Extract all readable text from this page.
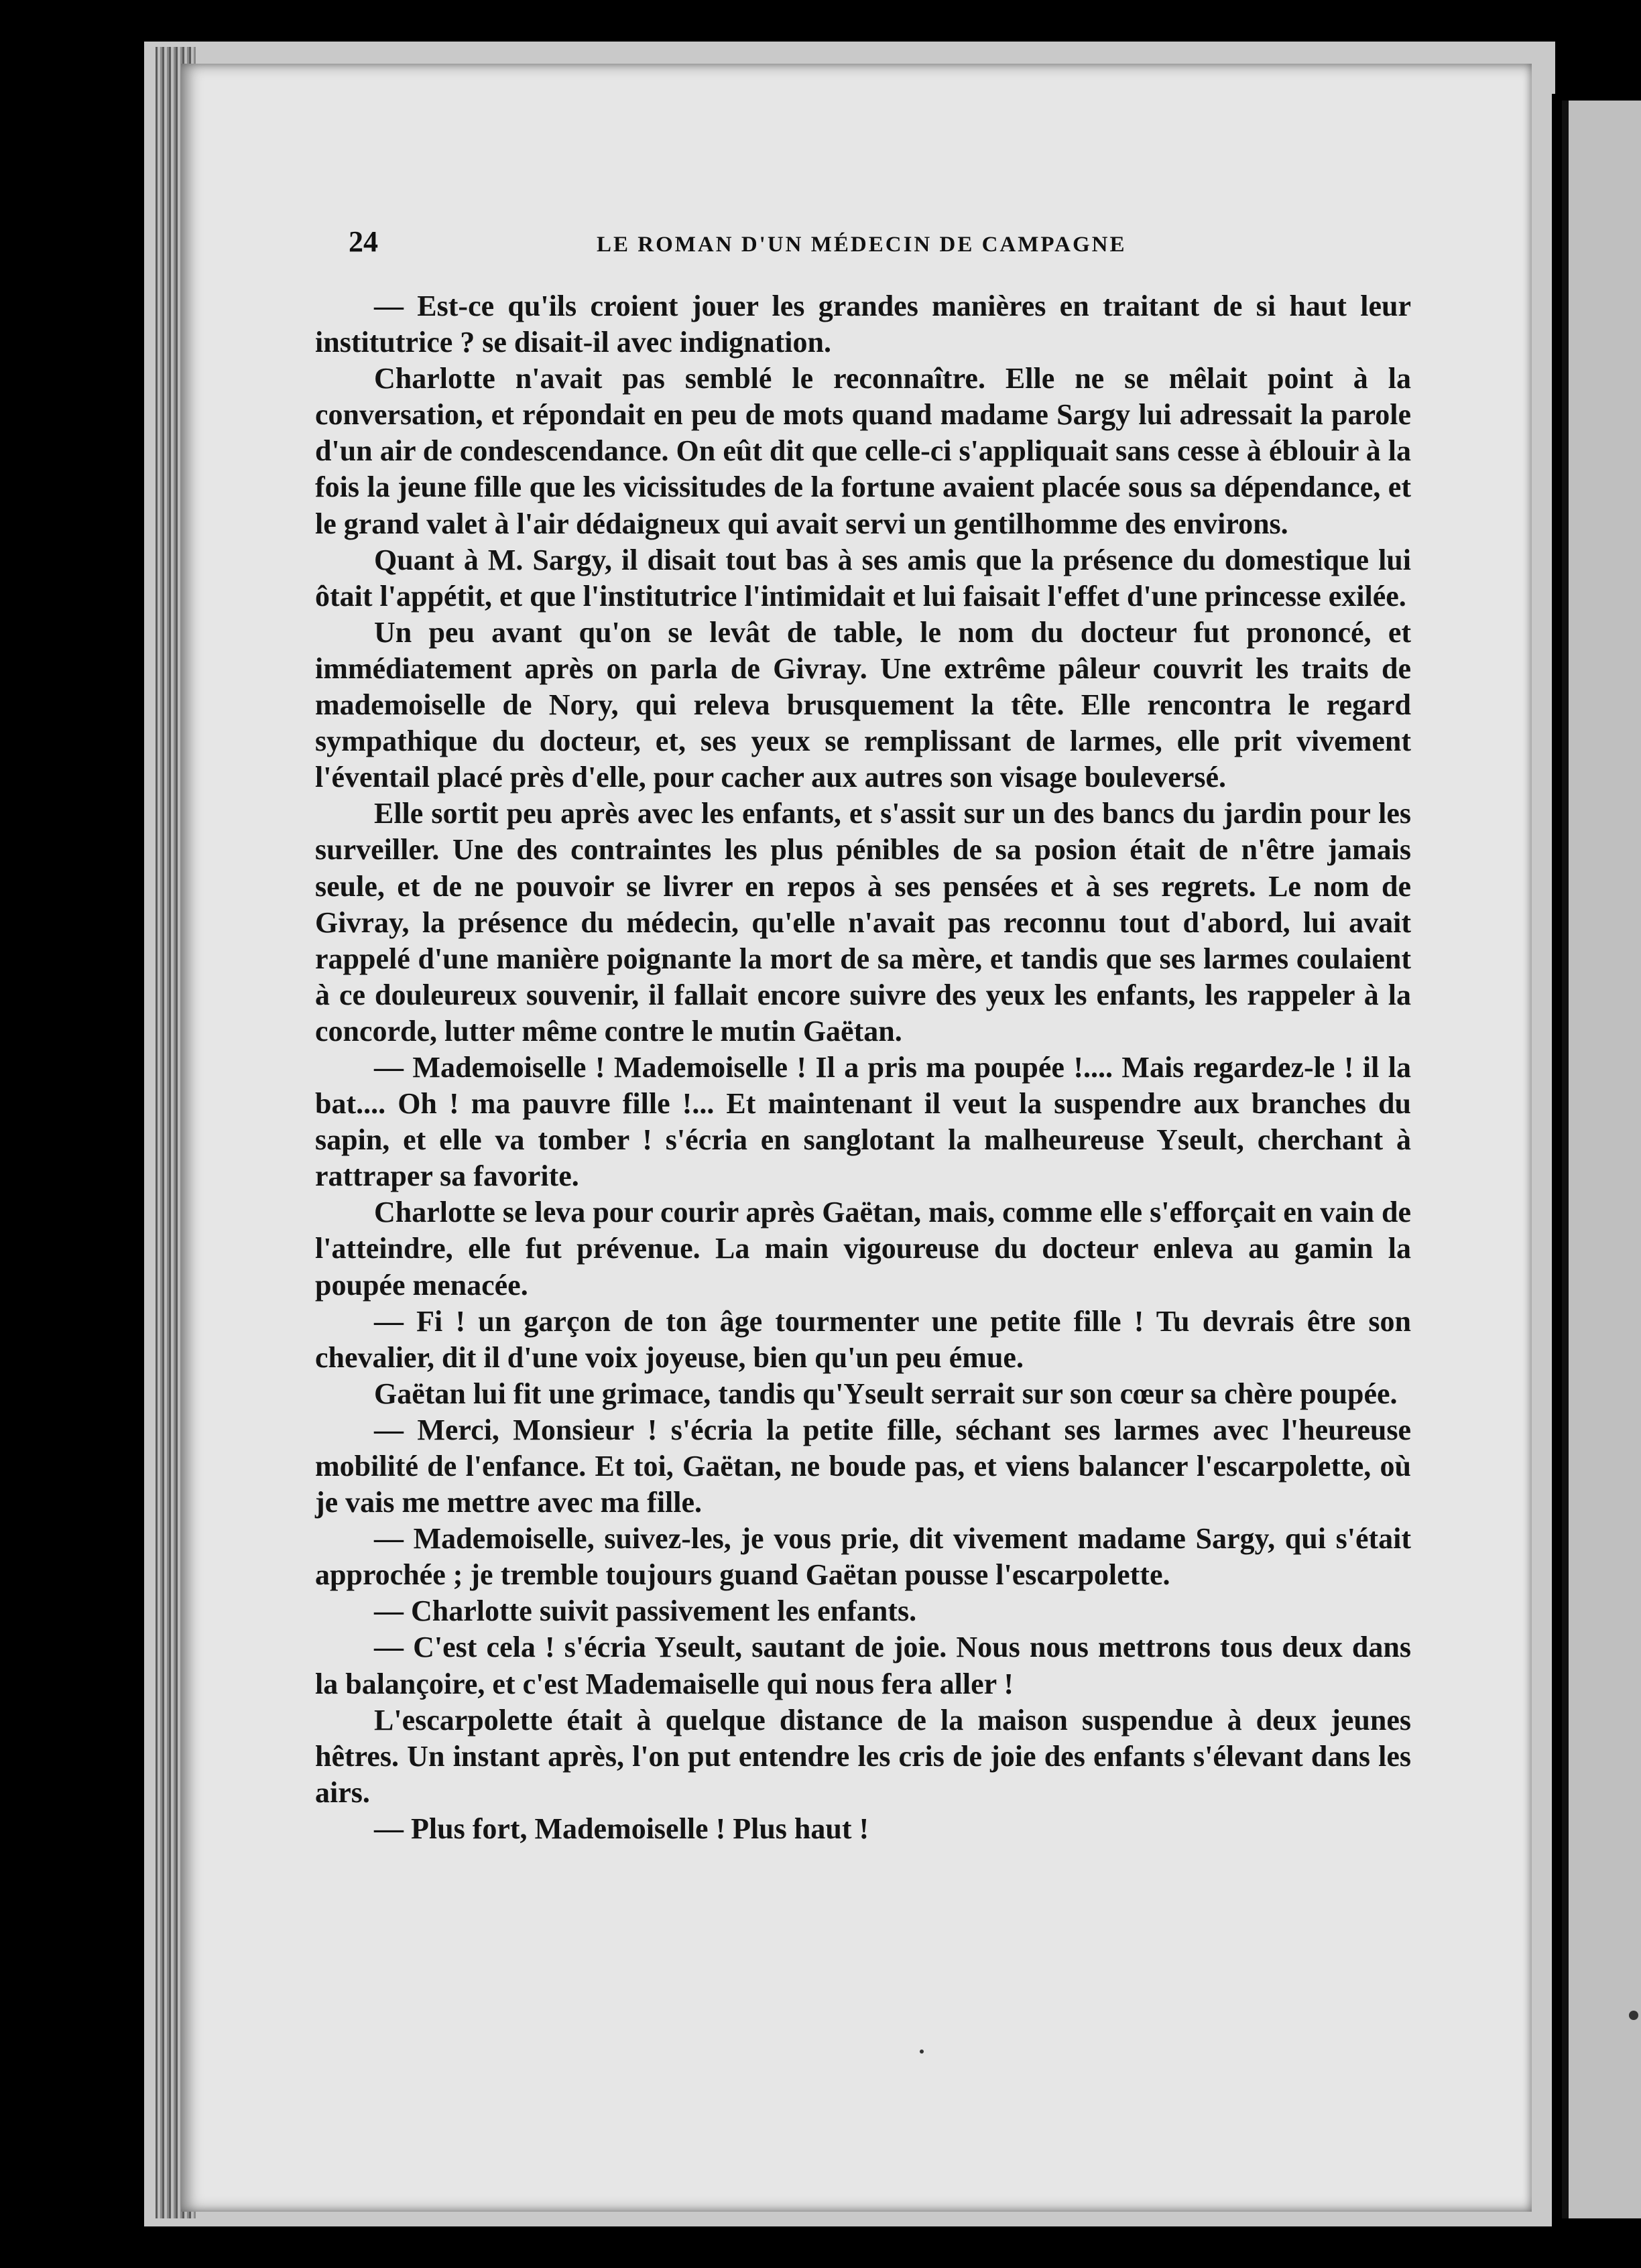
24	LE ROMAN D'UN MÉDECIN DE CAMPAGNE

— Est-ce qu'ils croient jouer les grandes manières en traitant de si haut leur institutrice ? se disait-il avec indignation.

Charlotte n'avait pas semblé le reconnaître. Elle ne se mêlait point à la conversation, et répondait en peu de mots quand madame Sargy lui adressait la parole d'un air de condescendance. On eût dit que celle-ci s'appliquait sans cesse à éblouir à la fois la jeune fille que les vicissitudes de la fortune avaient placée sous sa dépendance, et le grand valet à l'air dédaigneux qui avait servi un gentilhomme des environs.

Quant à M. Sargy, il disait tout bas à ses amis que la présence du domestique lui ôtait l'appétit, et que l'institutrice l'intimidait et lui faisait l'effet d'une princesse exilée.

Un peu avant qu'on se levât de table, le nom du docteur fut prononcé, et immédiatement après on parla de Givray. Une extrême pâleur couvrit les traits de mademoiselle de Nory, qui releva brusquement la tête. Elle rencontra le regard sympathique du docteur, et, ses yeux se remplissant de larmes, elle prit vivement l'éventail placé près d'elle, pour cacher aux autres son visage bouleversé.

Elle sortit peu après avec les enfants, et s'assit sur un des bancs du jardin pour les surveiller. Une des contraintes les plus pénibles de sa posion était de n'être jamais seule, et de ne pouvoir se livrer en repos à ses pensées et à ses regrets. Le nom de Givray, la présence du médecin, qu'elle n'avait pas reconnu tout d'abord, lui avait rappelé d'une manière poignante la mort de sa mère, et tandis que ses larmes coulaient à ce douleureux souvenir, il fallait encore suivre des yeux les enfants, les rappeler à la concorde, lutter même contre le mutin Gaëtan.

— Mademoiselle ! Mademoiselle ! Il a pris ma poupée !.... Mais regardez-le ! il la bat.... Oh ! ma pauvre fille !... Et maintenant il veut la suspendre aux branches du sapin, et elle va tomber ! s'écria en sanglotant la malheureuse Yseult, cherchant à rattraper sa favorite.

Charlotte se leva pour courir après Gaëtan, mais, comme elle s'efforçait en vain de l'atteindre, elle fut prévenue. La main vigoureuse du docteur enleva au gamin la poupée menacée.

— Fi ! un garçon de ton âge tourmenter une petite fille ! Tu devrais être son chevalier, dit il d'une voix joyeuse, bien qu'un peu émue.

Gaëtan lui fit une grimace, tandis qu'Yseult serrait sur son cœur sa chère poupée.

— Merci, Monsieur ! s'écria la petite fille, séchant ses larmes avec l'heureuse mobilité de l'enfance. Et toi, Gaëtan, ne boude pas, et viens balancer l'escarpolette, où je vais me mettre avec ma fille.

— Mademoiselle, suivez-les, je vous prie, dit vivement madame Sargy, qui s'était approchée ; je tremble toujours guand Gaëtan pousse l'escarpolette.

— Charlotte suivit passivement les enfants.

— C'est cela ! s'écria Yseult, sautant de joie. Nous nous mettrons tous deux dans la balançoire, et c'est Mademaiselle qui nous fera aller !

L'escarpolette était à quelque distance de la maison suspendue à deux jeunes hêtres. Un instant après, l'on put entendre les cris de joie des enfants s'élevant dans les airs.

— Plus fort, Mademoiselle ! Plus haut !
